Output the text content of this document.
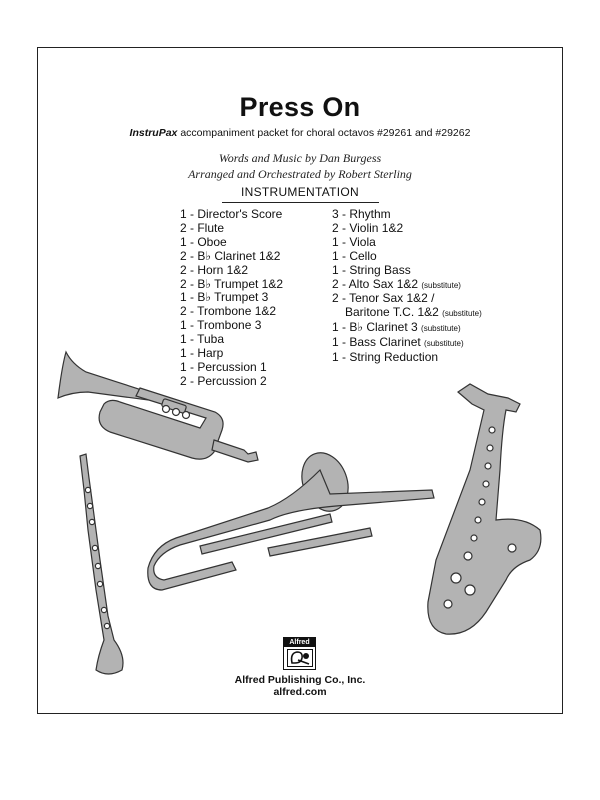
Press On
InstruPax accompaniment packet for choral octavos #29261 and #29262
Words and Music by Dan Burgess
Arranged and Orchestrated by Robert Sterling
INSTRUMENTATION
1 - Director's Score
2 - Flute
1 - Oboe
2 - B♭ Clarinet 1&2
2 - Horn 1&2
2 - B♭ Trumpet 1&2
1 - B♭ Trumpet 3
2 - Trombone 1&2
1 - Trombone 3
1 - Tuba
1 - Harp
1 - Percussion 1
2 - Percussion 2
3 - Rhythm
2 - Violin 1&2
1 - Viola
1 - Cello
1 - String Bass
2 - Alto Sax 1&2 (substitute)
2 - Tenor Sax 1&2 /
Baritone T.C. 1&2 (substitute)
1 - B♭ Clarinet 3 (substitute)
1 - Bass Clarinet (substitute)
1 - String Reduction
Alfred
Alfred Publishing Co., Inc.
alfred.com
